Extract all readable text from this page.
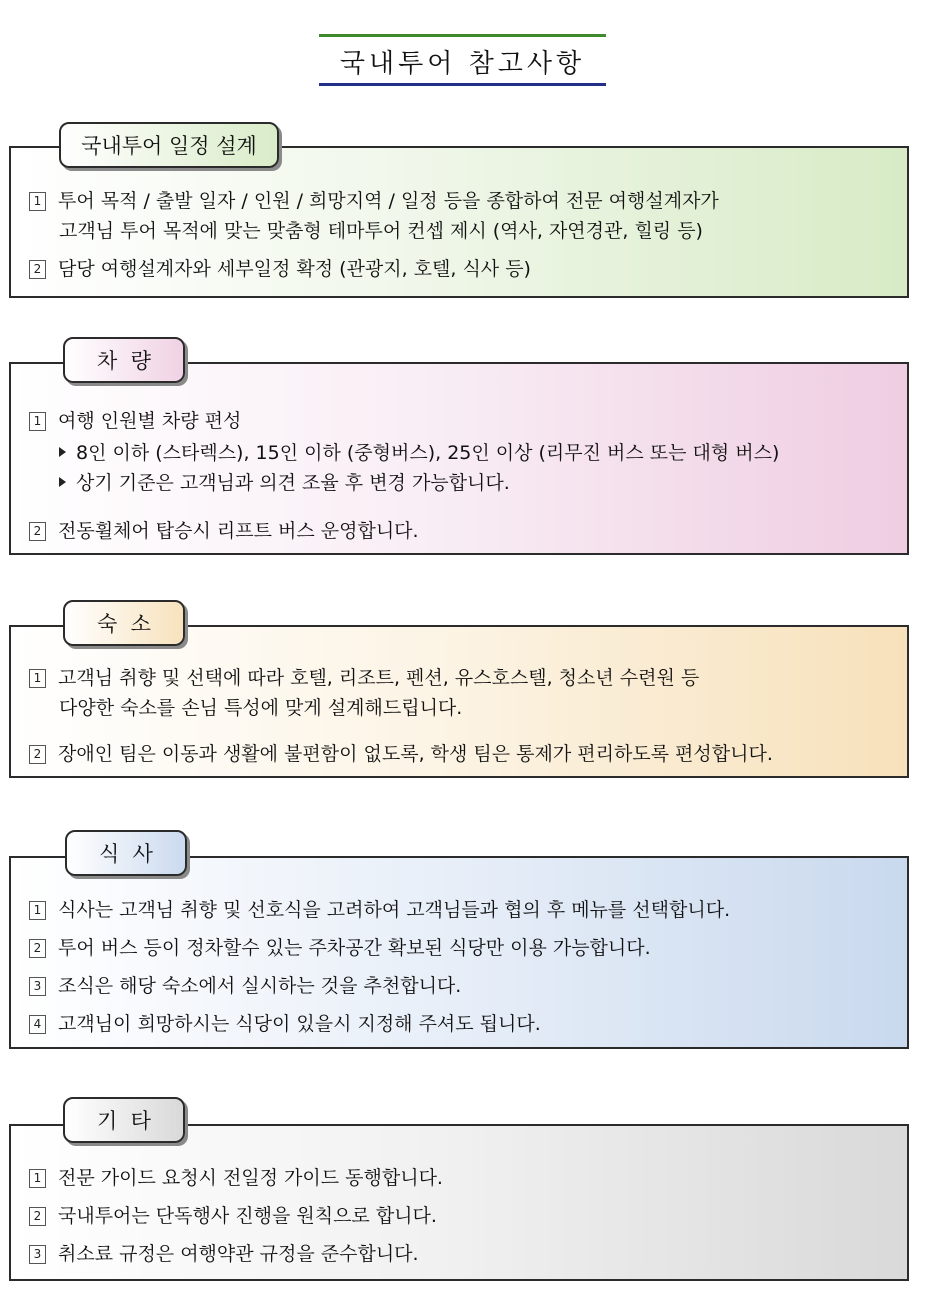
국내투어 참고사항
1 투어 목적 / 출발 일자 / 인원 / 희망지역 / 일정 등을 종합하여 전문 여행설계자가
고객님 투어 목적에 맞는 맞춤형 테마투어 컨셉 제시 (역사, 자연경관, 힐링 등)
2 담당 여행설계자와 세부일정 확정 (관광지, 호텔, 식사 등)
국내투어 일정 설계
1 여행 인원별 차량 편성
8인 이하 (스타렉스), 15인 이하 (중형버스), 25인 이상 (리무진 버스 또는 대형 버스)
상기 기준은 고객님과 의견 조율 후 변경 가능합니다.
2 전동휠체어 탑승시 리프트 버스 운영합니다.
차  량
1 고객님 취향 및 선택에 따라 호텔, 리조트, 펜션, 유스호스텔, 청소년 수련원 등
다양한 숙소를 손님 특성에 맞게 설계해드립니다.
2 장애인 팀은 이동과 생활에 불편함이 없도록, 학생 팀은 통제가 편리하도록 편성합니다.
숙  소
1 식사는 고객님 취향 및 선호식을 고려하여 고객님들과 협의 후 메뉴를 선택합니다.
2 투어 버스 등이 정차할수 있는 주차공간 확보된 식당만 이용 가능합니다.
3 조식은 해당 숙소에서 실시하는 것을 추천합니다.
4 고객님이 희망하시는 식당이 있을시 지정해 주셔도 됩니다.
식  사
1 전문 가이드 요청시 전일정 가이드 동행합니다.
2 국내투어는 단독행사 진행을 원칙으로 합니다.
3 취소료 규정은 여행약관 규정을 준수합니다.
기  타
